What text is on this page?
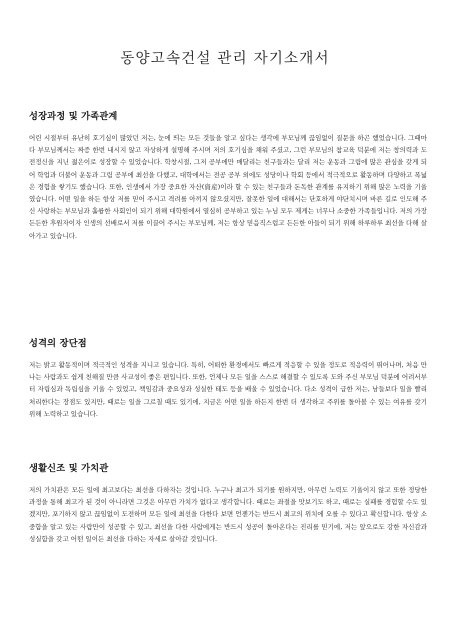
동양고속건설 관리 자기소개서

성장과정 및 가족관계

어린 시절부터 유난히 호기심이 많았던 저는, 눈에 띄는 모든 것들을 알고 싶다는 생각에 부모님께 끊임없이 질문을 하곤 했었습니다. 그때마다 부모님께서는 짜증 한번 내시지 않고 자상하게 설명해 주시며 저의 호기심을 채워 주셨고, 그런 부모님의 참교육 덕분에 저는 창의력과 도전정신을 지닌 젊은이로 성장할 수 있었습니다. 학창시절, 그저 공부에만 매달리는 친구들과는 달리 저는 운동과 그림에 많은 관심을 갖게 되어 학업과 더불어 운동과 그림 공부에 최선을 다했고, 대학에서는 전공 공부 외에도 성당이나 학회 등에서 적극적으로 활동하며 다양하고 폭넓은 경험을 쌓기도 했습니다. 또한, 인생에서 가장 중요한 자산(資産)이라 할 수 있는 친구들과 돈독한 관계를 유지하기 위해 많은 노력을 기울였습니다. 어떤 일을 하든 항상 저를 믿어 주시고 격려를 아끼지 않으셨지만, 잘못한 일에 대해서는 단호하게 야단치시며 바른 길로 인도해 주신 사랑하는 부모님과 훌륭한 사회인이 되기 위해 대학원에서 열심히 공부하고 있는 누님 모두 제게는 너무나 소중한 가족들입니다. 저의 가장 든든한 후원자이자 인생의 선배로서 저를 이끌어 주시는 부모님께, 저는 항상 믿음직스럽고 든든한 아들이 되기 위해 하루하루 최선을 다해 살아가고 있습니다.

성격의 장단점

저는 밝고 활동적이며 적극적인 성격을 지니고 있습니다. 특히, 어떠한 환경에서도 빠르게 적응할 수 있을 정도로 적응력이 뛰어나며, 처음 만나는 사람과도 쉽게 친해질 만큼 사교성이 좋은 편입니다. 또한, 언제나 모든 일을 스스로 해결할 수 있도록 도와 주신 부모님 덕분에 어려서부터 자립심과 독립심을 키울 수 있었고, 책임감과 중요성과 성실한 태도 등을 배울 수 있었습니다. 다소 성격이 급한 저는, 남들보다 일을 빨리 처리한다는 장점도 있지만, 때로는 일을 그르칠 때도 있기에, 지금은 어떤 일을 하든지 한번 더 생각하고 주위를 돌아볼 수 있는 여유를 갖기 위해 노력하고 있습니다.

생활신조 및 가치관

저의 가치관은 모든 일에 최고보다는 최선을 다하자는 것입니다. 누구나 최고가 되기를 원하지만, 아무런 노력도 기울이지 않고 또한 정당한 과정을 통해 최고가 된 것이 아니라면 그것은 아무런 가치가 없다고 생각합니다. 때로는 좌절을 맛보기도 하고, 때로는 실패를 경험할 수도 있겠지만, 포기하지 않고 끊임없이 도전하며 모든 일에 최선을 다한다 보면 언젠가는 반드시 최고의 위치에 오를 수 있다고 확신합니다. 항상 소중함을 알고 있는 사람만이 성공할 수 있고, 최선을 다한 사람에게는 반드시 성공이 돌아온다는 진리를 믿기에, 저는 앞으로도 강한 자신감과 성실함을 갖고 어떤 일이든 최선을 다하는 자세로 살아갈 것입니다.
